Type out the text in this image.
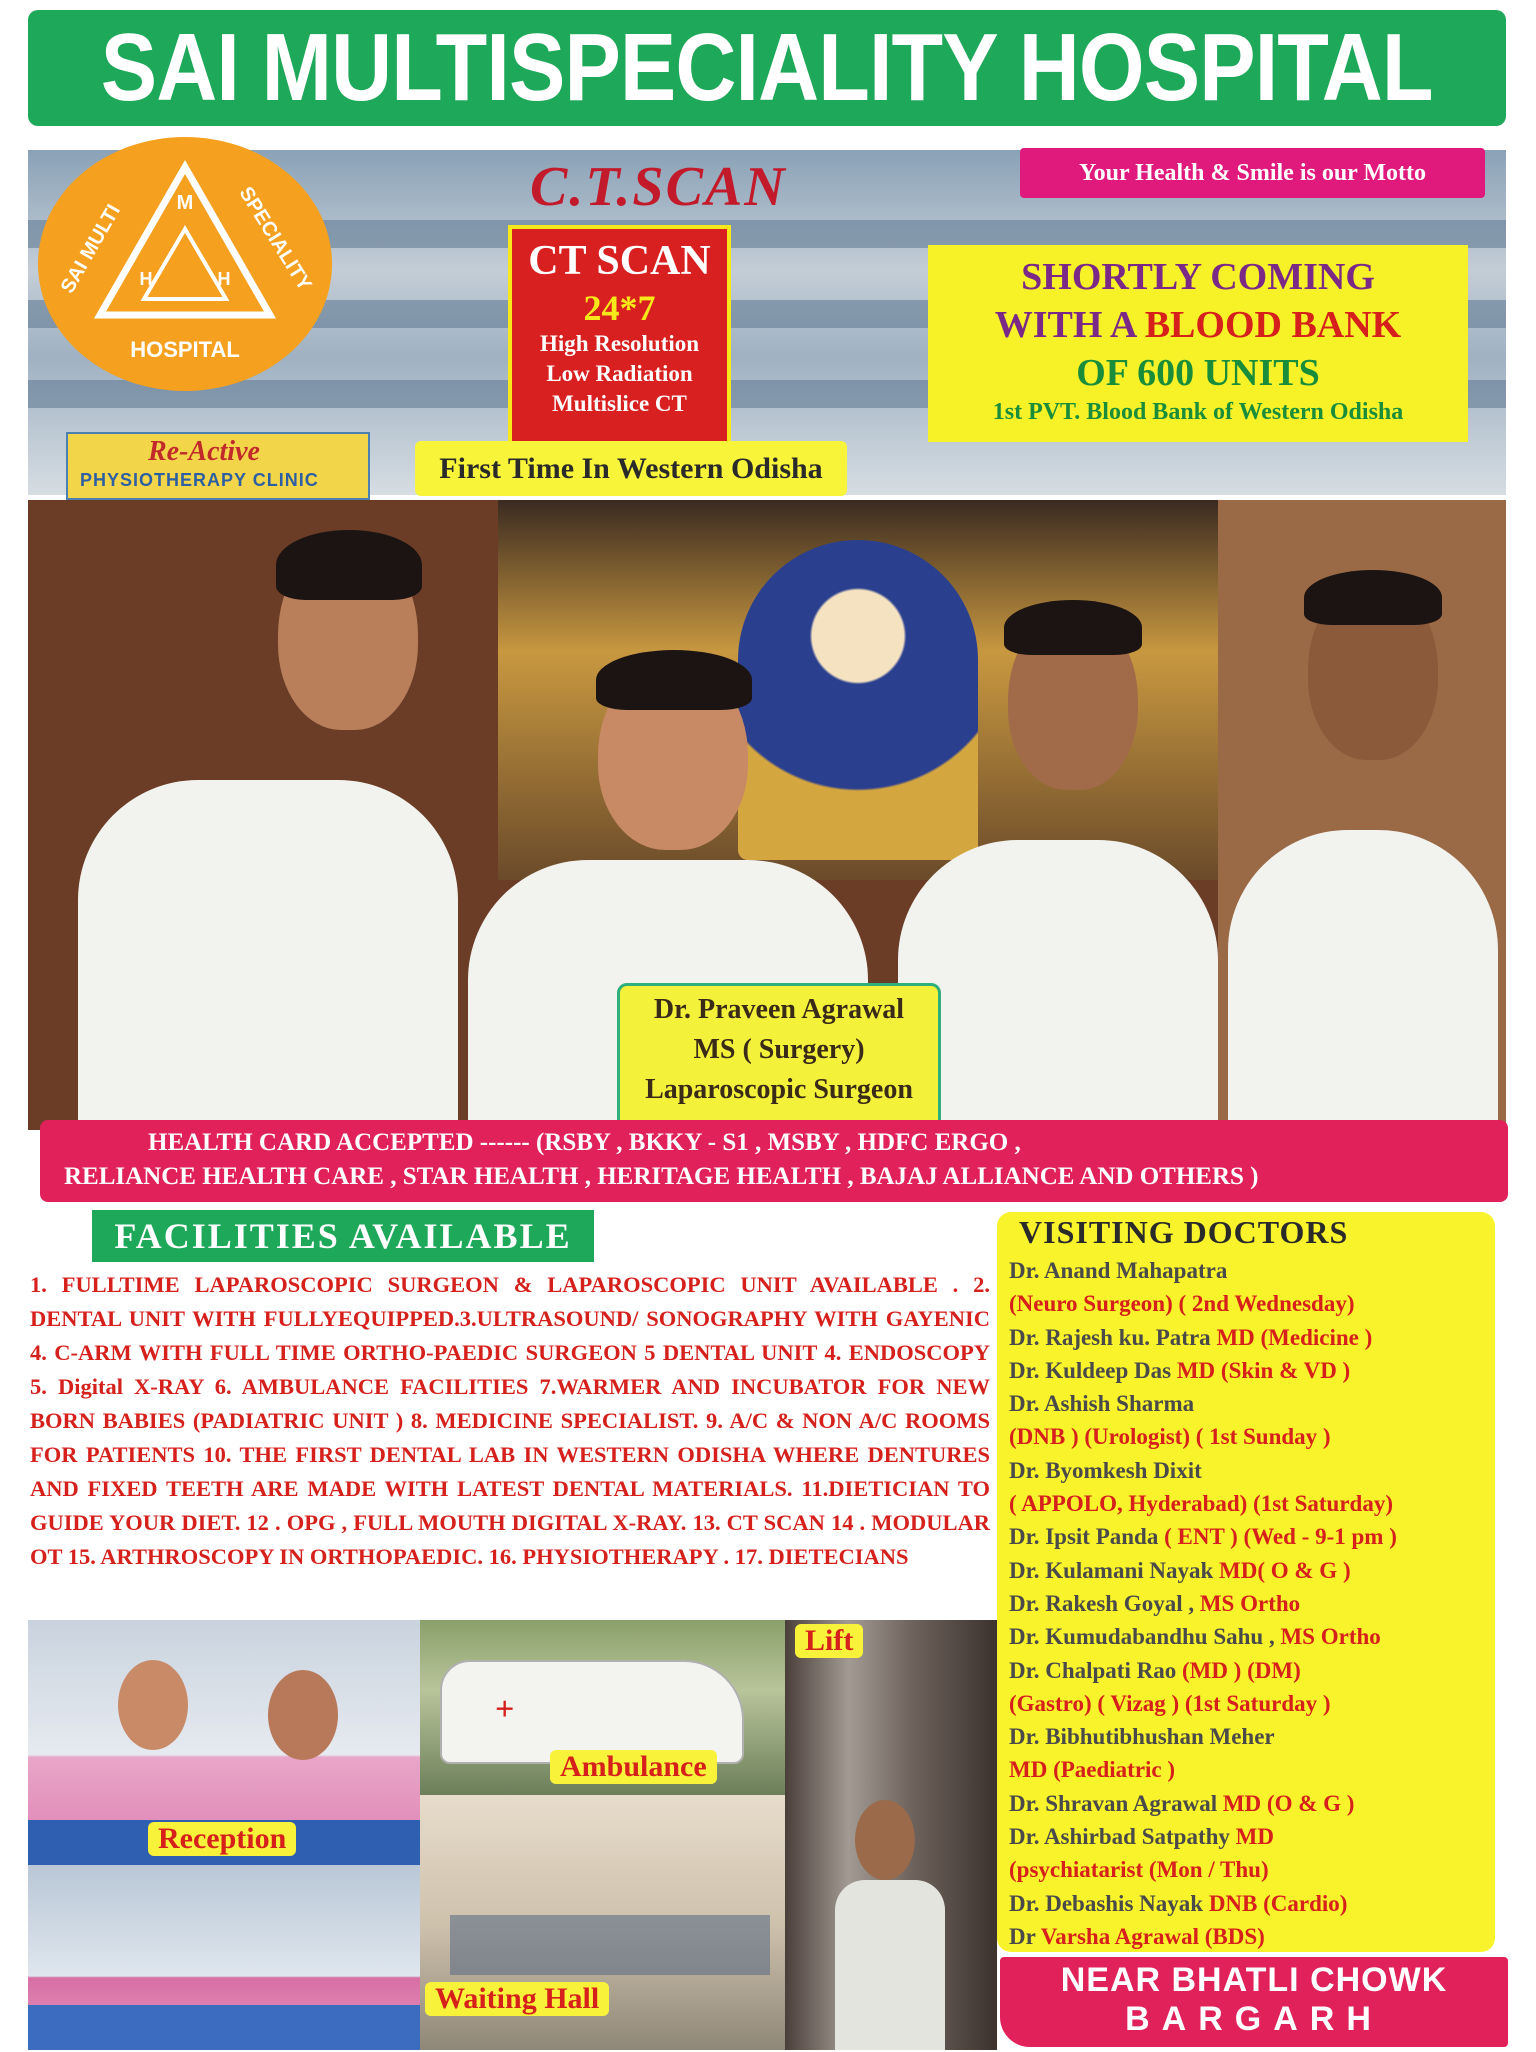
SAI MULTISPECIALITY HOSPITAL
C.T.SCAN	Your Health & Smile is our Motto
M
H	H
SAI MULTI	SPECIALITY
HOSPITAL
CT SCAN
24*7
High Resolution
Low Radiation
Multislice CT
SHORTLY COMING
WITH A BLOOD BANK
OF 600 UNITS
1st PVT. Blood Bank of Western Odisha
Re-Active
PHYSIOTHERAPY CLINIC	First Time In Western Odisha
Dr. Praveen Agrawal
MS ( Surgery)
Laparoscopic Surgeon
HEALTH CARD ACCEPTED ------ (RSBY , BKKY - S1 , MSBY , HDFC ERGO ,
RELIANCE HEALTH CARE , STAR HEALTH , HERITAGE HEALTH , BAJAJ ALLIANCE AND OTHERS )
FACILITIES AVAILABLE
1. FULLTIME LAPAROSCOPIC SURGEON & LAPAROSCOPIC UNIT AVAILABLE . 2. DENTAL UNIT WITH FULLYEQUIPPED.3.ULTRASOUND/ SONOGRAPHY WITH GAYENIC 4. C-ARM WITH FULL TIME ORTHO-PAEDIC SURGEON 5 DENTAL UNIT 4. ENDOSCOPY 5. Digital X-RAY 6. AMBULANCE FACILITIES 7.WARMER AND INCUBATOR FOR NEW BORN BABIES (PADIATRIC UNIT ) 8. MEDICINE SPECIALIST. 9. A/C & NON A/C ROOMS FOR PATIENTS 10. THE FIRST DENTAL LAB IN WESTERN ODISHA WHERE DENTURES AND FIXED TEETH ARE MADE WITH LATEST DENTAL MATERIALS. 11.DIETICIAN TO GUIDE YOUR DIET. 12 . OPG , FULL MOUTH DIGITAL X-RAY. 13. CT SCAN 14 . MODULAR OT 15. ARTHROSCOPY IN ORTHOPAEDIC. 16. PHYSIOTHERAPY . 17. DIETECIANS
VISITING DOCTORS
Dr. Anand Mahapatra
(Neuro Surgeon) ( 2nd Wednesday)
Dr. Rajesh ku. Patra MD (Medicine )
Dr. Kuldeep Das MD (Skin & VD )
Dr. Ashish Sharma
(DNB ) (Urologist) ( 1st Sunday )
Dr. Byomkesh Dixit
( APPOLO, Hyderabad) (1st Saturday)
Dr. Ipsit Panda ( ENT ) (Wed - 9-1 pm )
Dr. Kulamani Nayak MD( O & G )
Dr. Rakesh Goyal , MS Ortho
Dr. Kumudabandhu Sahu , MS Ortho
Dr. Chalpati Rao (MD ) (DM)
(Gastro) ( Vizag ) (1st Saturday )
Dr. Bibhutibhushan Meher
MD (Paediatric )
Dr. Shravan Agrawal MD (O & G )
Dr. Ashirbad Satpathy MD
(psychiatarist (Mon / Thu)
Dr. Debashis Nayak DNB (Cardio)
Dr Varsha Agrawal (BDS)
NEAR BHATLI CHOWK
BARGARH
Reception
+
Ambulance
Waiting Hall
Lift
